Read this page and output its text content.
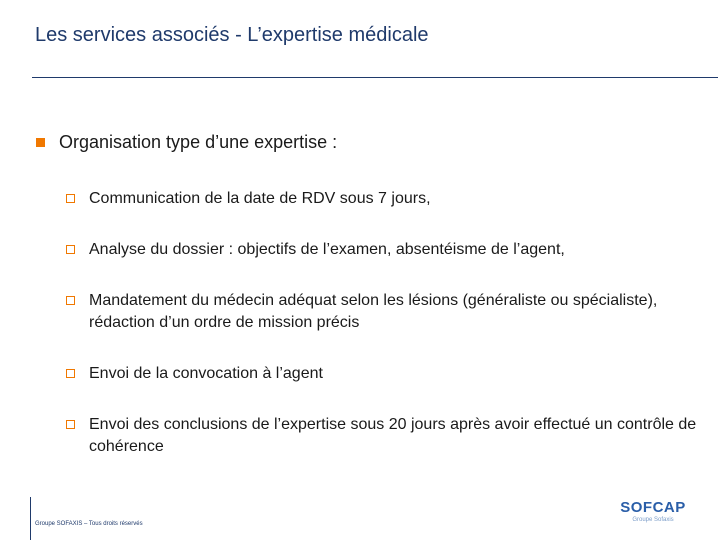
Les services associés - L’expertise médicale
Organisation type d’une expertise :
Communication de la date de RDV sous 7 jours,
Analyse du dossier : objectifs de l’examen, absentéisme de l’agent,
Mandatement du médecin adéquat selon les lésions (généraliste ou spécialiste), rédaction d’un ordre de mission précis
Envoi de la convocation à l’agent
Envoi des conclusions de l’expertise sous 20 jours après avoir effectué un contrôle de cohérence
Groupe SOFAXIS – Tous droits réservés
SOFCAP
Groupe Sofaxis
